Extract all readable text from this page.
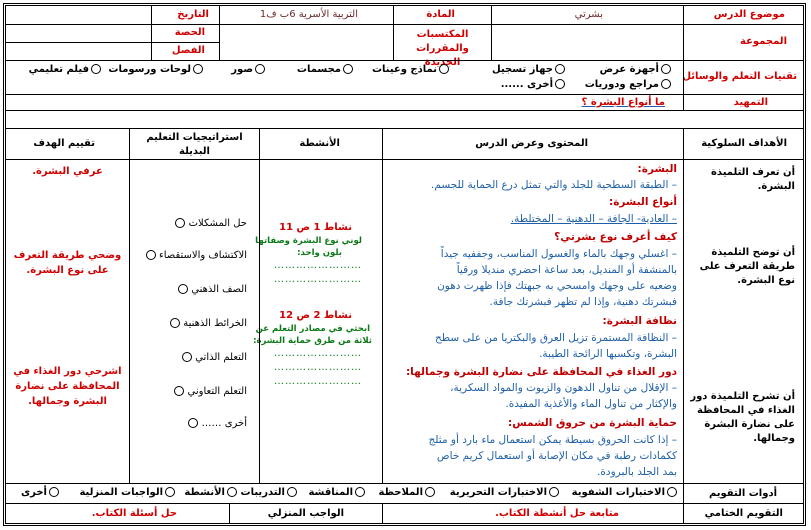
موضوع الدرس
بشرتي
المادة
التربية الأسرية 6ب ف1
التاريخ
المجموعة
المكتسبات والمقررات الجديدة
الحصة
الفصل
تقنيات التعلم والوسائل
أجهزة عرض
جهاز تسجيل
نماذج وعينات
مجسمات
صور
لوحات ورسومات
فيلم تعليمي
مراجع ودوريات
أخرى ......
التمهيد
ما أنواع البشرة ؟
الأهداف السلوكية
المحتوى وعرض الدرس
الأنشطة
استراتيجيات التعليم البديلة
تقييم الهدف
أن تعرف التلميذة البشرة.
أن توضح التلميذة طريقة التعرف على نوع البشرة.
أن تشرح التلميذة دور الغذاء في المحافظة على نضارة البشرة وجمالها.
البشرة:
– الطبقة السطحية للجلد والتي تمثل درع الحماية للجسم.
أنواع البشرة:
– العادية- الجافة – الدهنية – المختلطة.
كيف أعرف نوع بشرتي؟
– اغسلي وجهك بالماء والغسول المناسب، وجففيه جيداً
بالمنشفة أو المنديل، بعد ساعة احضري منديلا ورقياً
وضعيه على وجهك وامسحي به جبهتك فإذا ظهرت دهون
فبشرتك دهنية، وإذا لم تظهر فبشرتك جافة.
نظافة البشرة:
– النظافة المستمرة تزيل العرق والبكتريا من على سطح
البشرة، وتكسبها الرائحة الطيبة.
دور الغذاء في المحافظة على نضارة البشرة وجمالها:
– الإقلال من تناول الدهون والزيوت والمواد السكرية،
والإكثار من تناول الماء والأغذية المفيدة.
حماية البشرة من حروق الشمس:
– إذا كانت الحروق بسيطة يمكن استعمال ماء بارد أو مثلج
ككمادات رطبة في مكان الإصابة أو استعمال كريم خاص
بمد الجلد بالبرودة.
نشاط 1 ص 11
لوني نوع البشرة وصفاتها
بلون واحد:
……………………
……………………
نشاط 2 ص 12
ابحثي في مصادر التعلم عن
ثلاثة من طرق حماية البشرة:
……………………
……………………
……………………
حل المشكلات
الاكتشاف والاستقصاء
الصف الذهني
الخرائط الذهنية
التعلم الذاتي
التعلم التعاوني
أخرى ……
عرفي البشرة.
وضحي طريقة التعرف على نوع البشرة.
اشرحي دور الغذاء في المحافظة على نضارة البشرة وجمالها.
أدوات التقويم
الاختبارات الشفوية
الاختبارات التحريرية
الملاحظة
المناقشة
التدريبات
الأنشطة
الواجبات المنزلية
أخرى
التقويم الختامي
متابعة حل أنشطة الكتاب.
الواجب المنزلي
حل أسئلة الكتاب.
